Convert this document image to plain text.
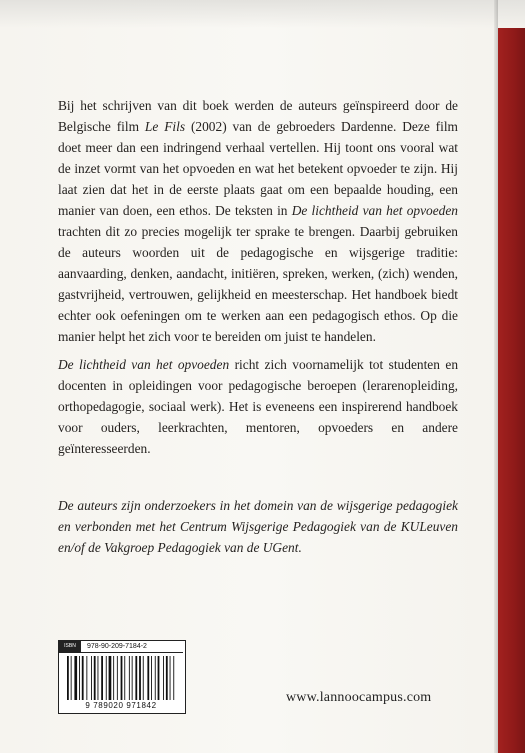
Bij het schrijven van dit boek werden de auteurs geïnspireerd door de Belgische film Le Fils (2002) van de gebroeders Dardenne. Deze film doet meer dan een indringend verhaal vertellen. Hij toont ons vooral wat de inzet vormt van het opvoeden en wat het betekent opvoeder te zijn. Hij laat zien dat het in de eerste plaats gaat om een bepaalde houding, een manier van doen, een ethos. De teksten in De lichtheid van het opvoeden trachten dit zo precies mogelijk ter sprake te brengen. Daarbij gebruiken de auteurs woorden uit de pedagogische en wijsgerige traditie: aanvaarding, denken, aandacht, initiëren, spreken, werken, (zich) wenden, gastvrijheid, vertrouwen, gelijkheid en meesterschap. Het handboek biedt echter ook oefeningen om te werken aan een pedagogisch ethos. Op die manier helpt het zich voor te bereiden om juist te handelen.

De lichtheid van het opvoeden richt zich voornamelijk tot studenten en docenten in opleidingen voor pedagogische beroepen (lerarenopleiding, orthopedagogie, sociaal werk). Het is eveneens een inspirerend handboek voor ouders, leerkrachten, mentoren, opvoeders en andere geïnteresseerden.

De auteurs zijn onderzoekers in het domein van de wijsgerige pedagogiek en verbonden met het Centrum Wijsgerige Pedagogiek van de KULeuven en/of de Vakgroep Pedagogiek van de UGent.

ISBN	978-90-209-7184-2
9 789020 971842
www.lannoocampus.com
